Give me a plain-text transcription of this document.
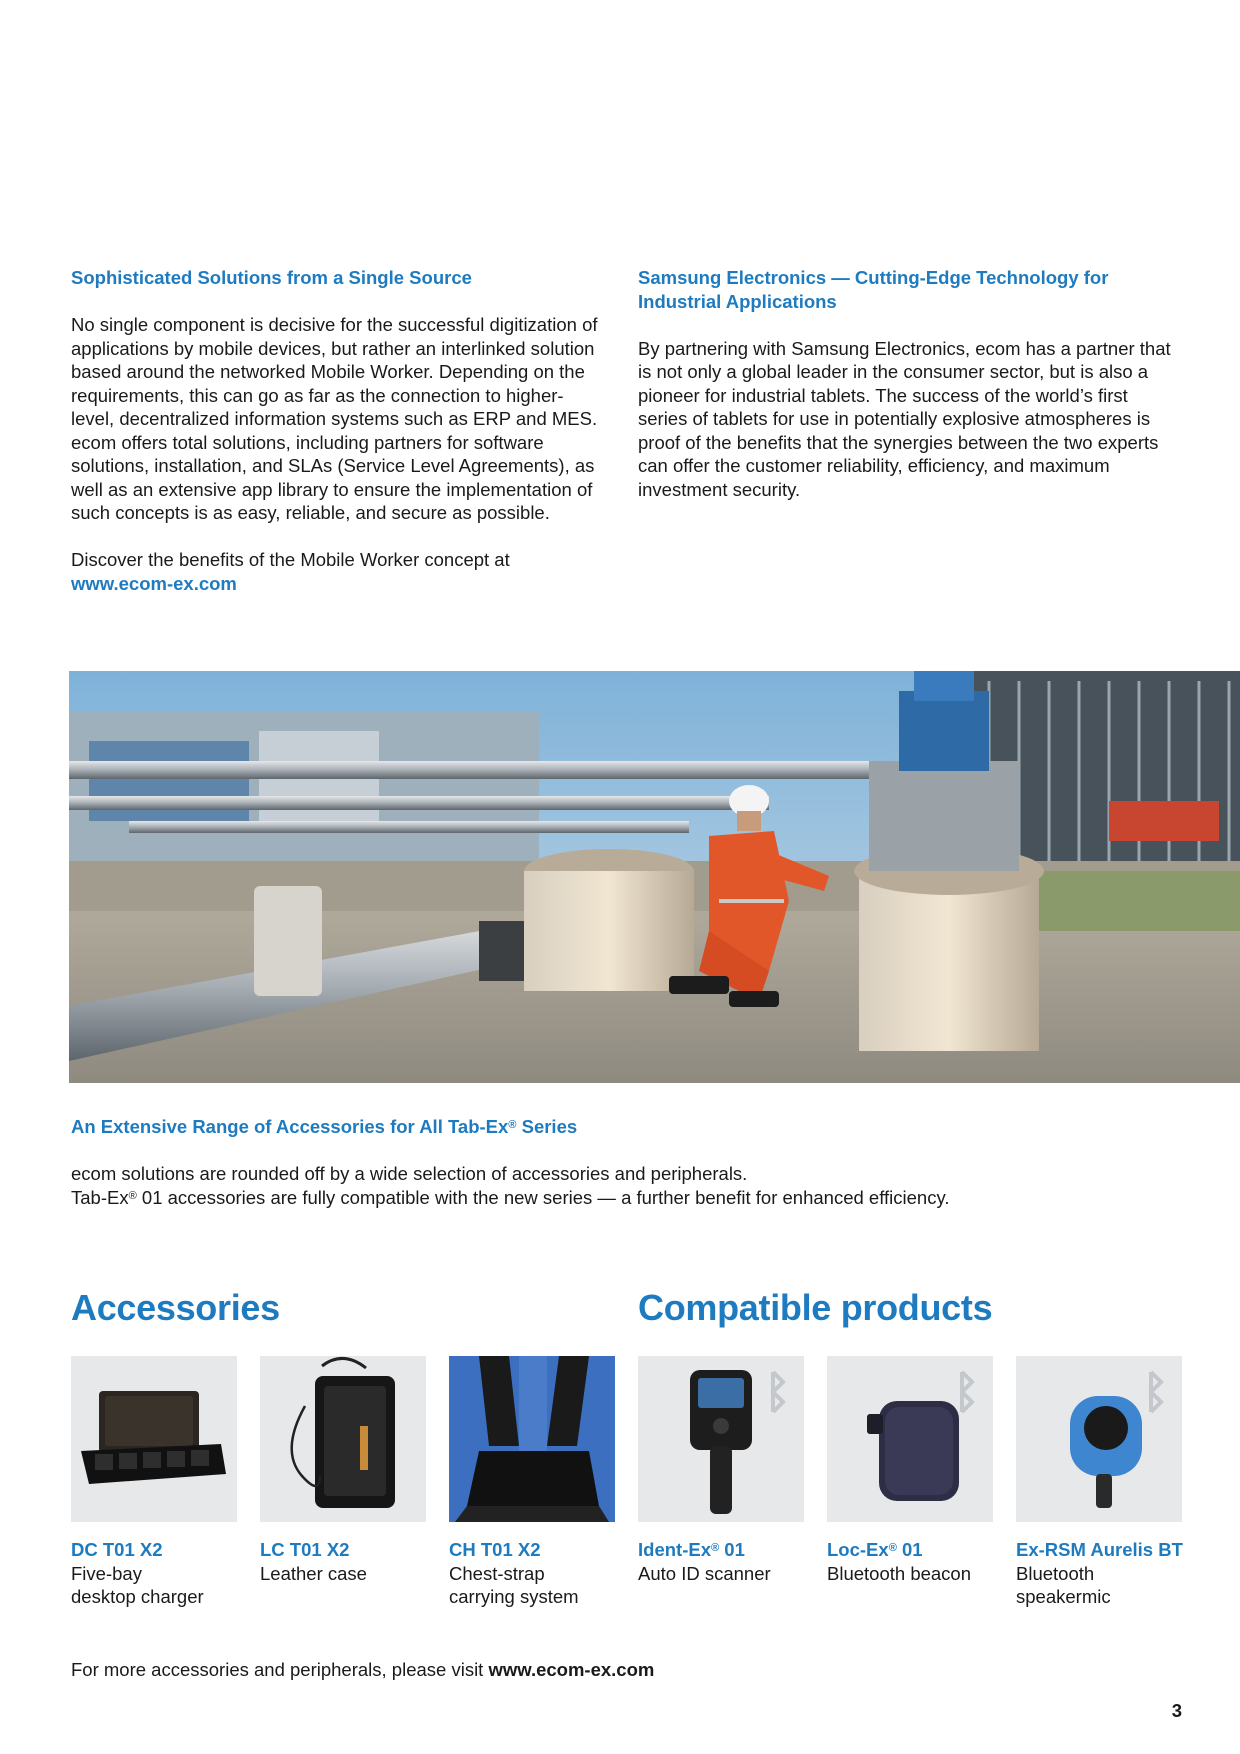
Sophisticated Solutions from a Single Source

No single component is decisive for the successful digitization of applications by mobile devices, but rather an interlinked solution based around the networked Mobile Worker. Depending on the requirements, this can go as far as the connection to higher-level, decentralized information systems such as ERP and MES. ecom offers total solutions, including partners for software solutions, installation, and SLAs (Service Level Agreements), as well as an extensive app library to ensure the implementation of such concepts is as easy, reliable, and secure as possible.

Discover the benefits of the Mobile Worker concept at

www.ecom-ex.com

Samsung Electronics — Cutting-Edge Technology for Industrial Applications

By partnering with Samsung Electronics, ecom has a partner that is not only a global leader in the consumer sector, but is also a pioneer for industrial tablets. The success of the world’s first series of tablets for use in potentially explosive atmospheres is proof of the benefits that the synergies between the two experts can offer the customer reliability, efficiency, and maximum investment security.

An Extensive Range of Accessories for All Tab-Ex® Series

ecom solutions are rounded off by a wide selection of accessories and peripherals.

Tab-Ex® 01 accessories are fully compatible with the new series — a further benefit for enhanced efficiency.

Accessories	Compatible products
DC T01 X2
Five-bay
desktop charger
LC T01 X2
Leather case
CH T01 X2
Chest-strap
carrying system
Ident-Ex® 01
Auto ID scanner
Loc-Ex® 01
Bluetooth beacon
Ex-RSM Aurelis BT
Bluetooth
speakermic

For more accessories and peripherals, please visit www.ecom-ex.com

3
